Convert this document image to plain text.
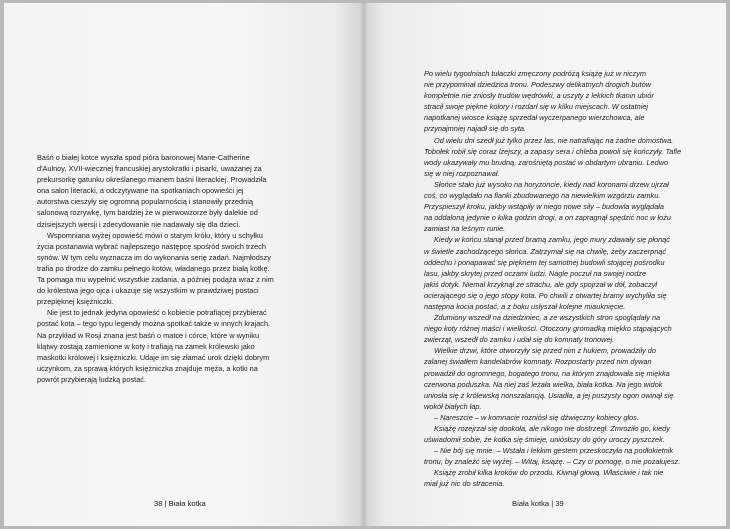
Baśń o białej kotce wyszła spod pióra baronowej Marie-Catherine
d'Aulnoy, XVII-wiecznej francuskiej arystokratki i pisarki, uważanej za
prekursorkę gatunku określanego mianem baśni literackiej. Prowadziła
ona salon literacki, a odczytywane na spotkaniach opowieści jej
autorstwa cieszyły się ogromną popularnością i stanowiły przednią
salonową rozrywkę, tym bardziej że w pierwowzorze były dalekie od
dzisiejszych wersji i zdecydowanie nie nadawały się dla dzieci.

Wspomniana wyżej opowieść mówi o starym królu, który u schyłku
życia postanawia wybrać najlepszego następcę spośród swoich trzech
synów. W tym celu wyznacza im do wykonania serię zadań. Najmłodszy
trafia po drodze do zamku pełnego kotów, władanego przez białą kotkę.
Ta pomaga mu wypełnić wszystkie zadania, a później podąża wraz z nim
do królestwa jego ojca i ukazuje się wszystkim w prawdziwej postaci
przepięknej księżniczki.

Nie jest to jednak jedyna opowieść o kobiecie potrafiącej przybierać
postać kota – tego typu legendy można spotkać także w innych krajach.
Na przykład w Rosji znana jest baśń o matce i córce, które w wyniku
klątwy zostają zamienione w koty i trafiają na zamek królewski jako
maskotki królowej i księżniczki. Udaje im się złamać urok dzięki dobrym
uczynkom, za sprawą których księżniczka znajduje męża, a kotki na
powrót przybierają ludzką postać.

38 | Biała kotka

Po wielu tygodniach tułaczki zmęczony podróżą książę już w niczym
nie przypominał dziedzica tronu. Podeszwy delikatnych drogich butów
kompletnie nie zniosły trudów wędrówki, a uszyty z lekkich tkanin ubiór
stracił swoje piękne kolory i rozdarł się w kilku miejscach. W ostatniej
napotkanej wiosce książę sprzedał wyczerpanego wierzchowca, ale
przynajmniej najadł się do syta.

Od wielu dni szedł już tylko przez las, nie natrafiając na żadne domostwa.
Tobołek robił się coraz lżejszy, a zapasy sera i chleba powoli się kończyły. Tafle
wody ukazywały mu brudną, zarośniętą postać w obdartym ubraniu. Ledwo
się w niej rozpoznawał.

Słońce stało już wysoko na horyzoncie, kiedy nad koronami drzew ujrzał
coś, co wyglądało na flanki zbudowanego na niewielkim wzgórzu zamku.
Przyspieszył kroku, jakby wstąpiły w niego nowe siły – budowla wyglądała
na oddaloną jedynie o kilka godzin drogi, a on zapragnął spędzić noc w łożu
zamiast na leśnym runie.

Kiedy w końcu stanął przed bramą zamku, jego mury zdawały się płonąć
w świetle zachodzącego słońca. Zatrzymał się na chwilę, żeby zaczerpnąć
oddechu i ponapawać się pięknem tej samotnej budowli stojącej pośrodku
lasu, jakby skrytej przed oczami ludzi. Nagle poczuł na swojej nodze
jakiś dotyk. Niemal krzyknął ze strachu, ale gdy spojrzał w dół, zobaczył
ocierającego się o jego stopy kota. Po chwili z otwartej bramy wychyliła się
następna kocia postać, a z boku usłyszał kolejne miauknięcie.

Zdumiony wszedł na dziedziniec, a ze wszystkich stron spoglądały na
niego koty różnej maści i wielkości. Otoczony gromadką miękko stąpających
zwierząt, wszedł do zamku i udał się do komnaty tronowej.

Wielkie drzwi, które otworzyły się przed nim z hukiem, prowadziły do
zalanej światłem kandelabrów komnaty. Rozpostarty przed nim dywan
prowadził do ogromnego, bogatego tronu, na którym znajdowała się miękka
czerwona poduszka. Na niej zaś leżała wielka, biała kotka. Na jego widok
uniosła się z królewską nonszalancją. Usiadła, a jej puszysty ogon owinął się
wokół białych łap.

– Nareszcie – w komnacie rozniósł się dźwięczny kobiecy głos.

Książę rozejrzał się dookoła, ale nikogo nie dostrzegł. Zmroziło go, kiedy
uświadomił sobie, że kotka się śmieje, uniósłszy do góry uroczy pyszczek.

– Nie bój się mnie. – Wstała i lekkim gestem przeskoczyła na podłokietnik
tronu, by znaleźć się wyżej. – Witaj, książę. – Czy ci pomogę, o nie pożałujesz.

Książę zrobił kilka kroków do przodu. Kiwnął głową. Właściwie i tak nie
miał już nic do stracenia.

Biała kotka | 39
